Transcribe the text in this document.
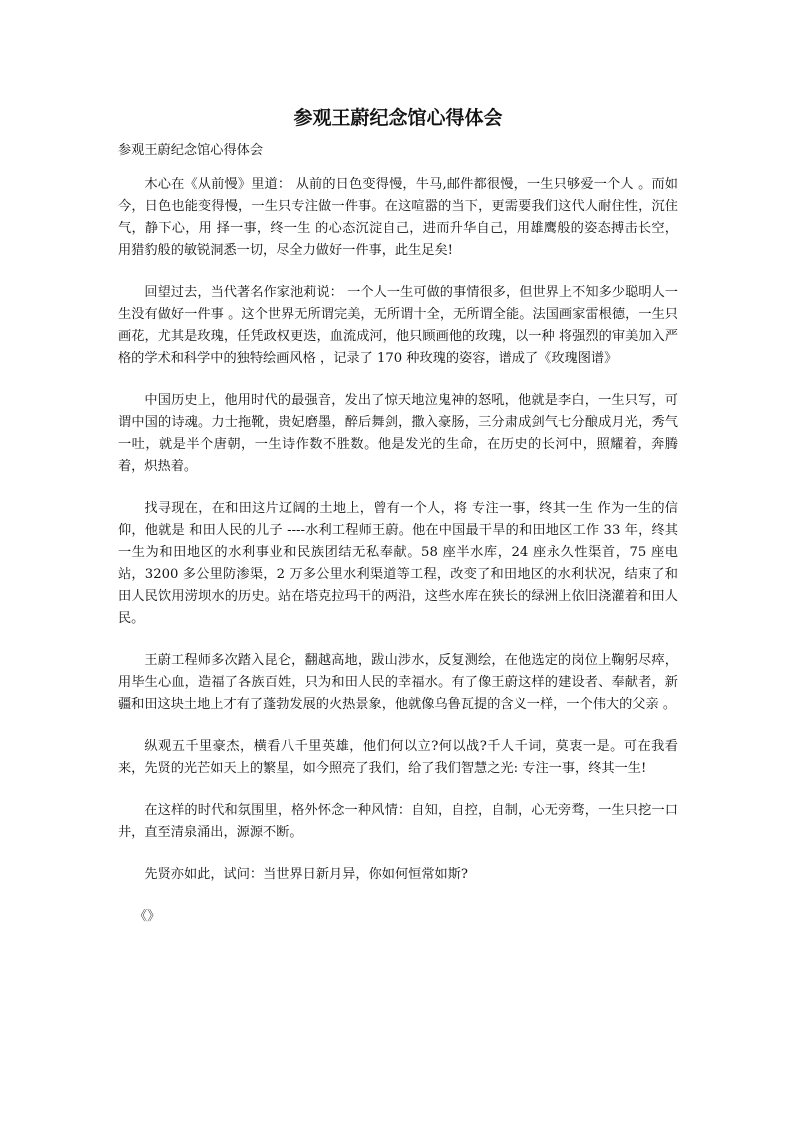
参观王蔚纪念馆心得体会

参观王蔚纪念馆心得体会

木心在《从前慢》里道： 从前的日色变得慢，牛马,邮件都很慢，一生只够爱一个人 。而如今，日色也能变得慢，一生只专注做一件事。在这喧嚣的当下，更需要我们这代人耐住性，沉住气，静下心，用 择一事，终一生 的心态沉淀自己，进而升华自己，用雄鹰般的姿态搏击长空，用猎豹般的敏锐洞悉一切，尽全力做好一件事，此生足矣!

回望过去，当代著名作家池莉说： 一个人一生可做的事情很多，但世界上不知多少聪明人一生没有做好一件事 。这个世界无所谓完美，无所谓十全，无所谓全能。法国画家雷根德，一生只画花，尤其是玫瑰，任凭政权更迭，血流成河，他只顾画他的玫瑰，以一种 将强烈的审美加入严格的学术和科学中的独特绘画风格 ，记录了 170 种玫瑰的姿容，谱成了《玫瑰图谱》

中国历史上，他用时代的最强音，发出了惊天地泣鬼神的怒吼，他就是李白，一生只写，可谓中国的诗魂。力士拖靴，贵妃磨墨，醉后舞剑，撒入豪肠，三分肃成剑气七分酿成月光，秀气一吐，就是半个唐朝，一生诗作数不胜数。他是发光的生命，在历史的长河中，照耀着，奔腾着，炽热着。

找寻现在，在和田这片辽阔的土地上，曾有一个人，将 专注一事，终其一生 作为一生的信仰，他就是 和田人民的儿子 ----水利工程师王蔚。他在中国最干旱的和田地区工作 33 年，终其一生为和田地区的水利事业和民族团结无私奉献。58 座半水库，24 座永久性渠首，75 座电站，3200 多公里防渗渠，2 万多公里水利渠道等工程，改变了和田地区的水利状况，结束了和田人民饮用涝坝水的历史。站在塔克拉玛干的两沿，这些水库在狭长的绿洲上依旧浇灌着和田人民。

王蔚工程师多次踏入昆仑，翻越高地，跋山涉水，反复测绘，在他选定的岗位上鞠躬尽瘁，用毕生心血，造福了各族百姓，只为和田人民的幸福水。有了像王蔚这样的建设者、奉献者，新疆和田这块土地上才有了蓬勃发展的火热景象，他就像乌鲁瓦提的含义一样，一个伟大的父亲 。

纵观五千里豪杰，横看八千里英雄，他们何以立?何以战?千人千词，莫衷一是。可在我看来，先贤的光芒如天上的繁星，如今照亮了我们，给了我们智慧之光: 专注一事，终其一生!

在这样的时代和氛围里，格外怀念一种风情：自知，自控，自制，心无旁骛，一生只挖一口井，直至清泉涌出，源源不断。

先贤亦如此，试问：当世界日新月异，你如何恒常如斯?

《》
